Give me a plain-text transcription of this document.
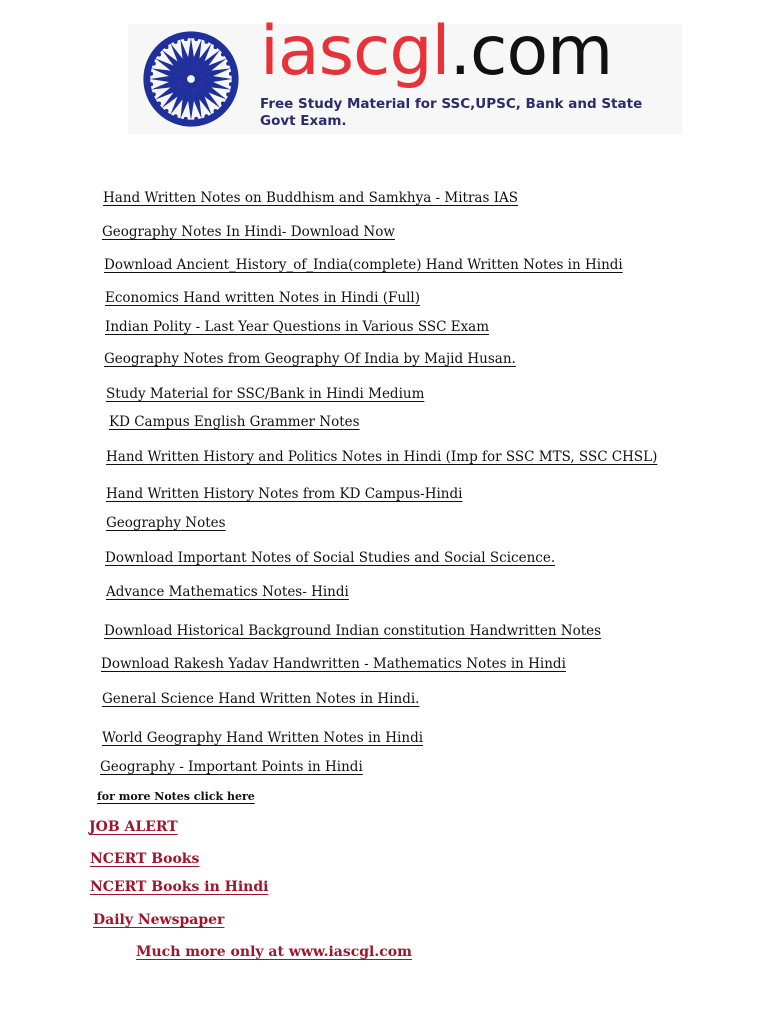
iascgl.com
Free Study Material for SSC,UPSC, Bank and State Govt Exam.
Hand Written Notes on Buddhism and Samkhya - Mitras IAS
Geography Notes In Hindi- Download Now
Download Ancient_History_of_India(complete) Hand Written Notes in Hindi
Economics Hand written Notes in Hindi (Full)
Indian Polity - Last Year Questions in Various SSC Exam
Geography Notes from Geography Of India by Majid Husan.
Study Material for SSC/Bank in Hindi Medium
KD Campus English Grammer Notes
Hand Written History and Politics Notes in Hindi (Imp for SSC MTS, SSC CHSL)
Hand Written History Notes from KD Campus-Hindi
Geography Notes
Download Important Notes of Social Studies and Social Scicence.
Advance Mathematics Notes- Hindi
Download Historical Background Indian constitution Handwritten Notes
Download Rakesh Yadav Handwritten - Mathematics Notes in Hindi
General Science Hand Written Notes in Hindi.
World Geography Hand Written Notes in Hindi
Geography - Important Points in Hindi
for more Notes click here
JOB ALERT
NCERT Books
NCERT Books in Hindi
Daily Newspaper
Much more only at www.iascgl.com
